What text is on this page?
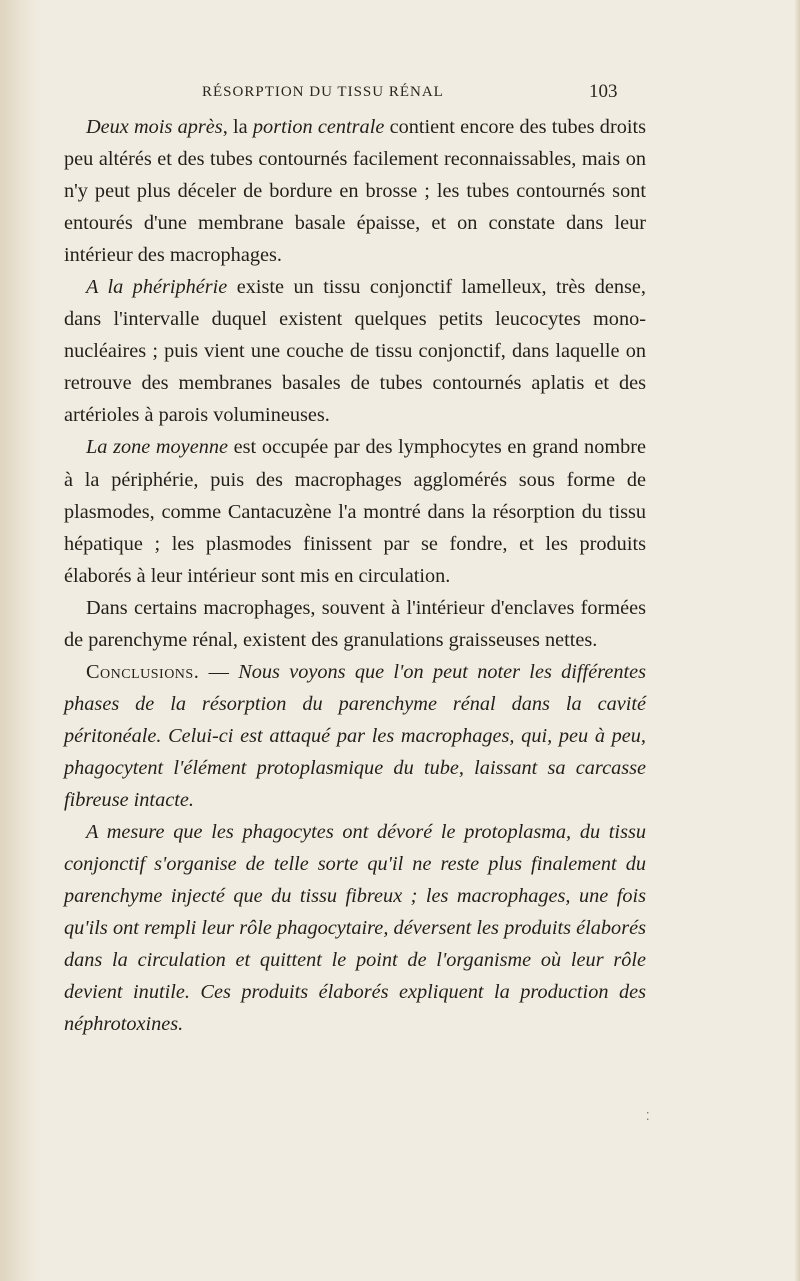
RÉSORPTION DU TISSU RÉNAL	103

Deux mois après, la portion centrale contient encore des tubes droits peu altérés et des tubes contournés facilement reconnaissables, mais on n'y peut plus déceler de bordure en brosse ; les tubes contournés sont entourés d'une membrane basale épaisse, et on constate dans leur intérieur des macrophages.

A la phériphérie existe un tissu conjonctif lamelleux, très dense, dans l'intervalle duquel existent quelques petits leucocytes mono-nucléaires ; puis vient une couche de tissu conjonctif, dans laquelle on retrouve des membranes basales de tubes contournés aplatis et des artérioles à parois volumineuses.

La zone moyenne est occupée par des lymphocytes en grand nombre à la périphérie, puis des macrophages agglomérés sous forme de plasmodes, comme Cantacuzène l'a montré dans la résorption du tissu hépatique ; les plasmodes finissent par se fondre, et les produits élaborés à leur intérieur sont mis en circulation.

Dans certains macrophages, souvent à l'intérieur d'enclaves formées de parenchyme rénal, existent des granulations graisseuses nettes.

Conclusions. — Nous voyons que l'on peut noter les différentes phases de la résorption du parenchyme rénal dans la cavité péritonéale. Celui-ci est attaqué par les macrophages, qui, peu à peu, phagocytent l'élément protoplasmique du tube, laissant sa carcasse fibreuse intacte.

A mesure que les phagocytes ont dévoré le protoplasma, du tissu conjonctif s'organise de telle sorte qu'il ne reste plus finalement du parenchyme injecté que du tissu fibreux ; les macrophages, une fois qu'ils ont rempli leur rôle phagocytaire, déversent les produits élaborés dans la circulation et quittent le point de l'organisme où leur rôle devient inutile. Ces produits élaborés expliquent la production des néphrotoxines.

⁚
